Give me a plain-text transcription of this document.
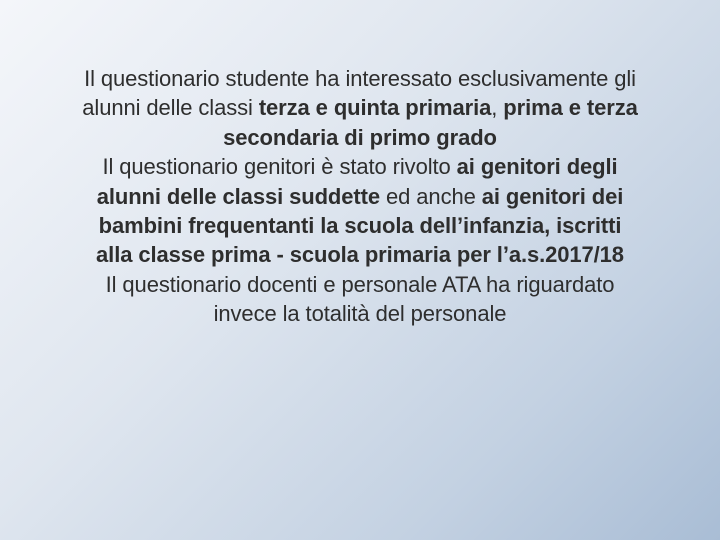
Il questionario studente ha interessato esclusivamente gli alunni delle classi terza e quinta primaria, prima e terza secondaria di primo grado

Il questionario genitori è stato rivolto ai genitori degli alunni delle classi suddette ed anche ai genitori dei bambini frequentanti la scuola dell’infanzia, iscritti alla classe prima - scuola primaria per l’a.s.2017/18

Il questionario docenti e personale ATA ha riguardato invece la totalità del personale
